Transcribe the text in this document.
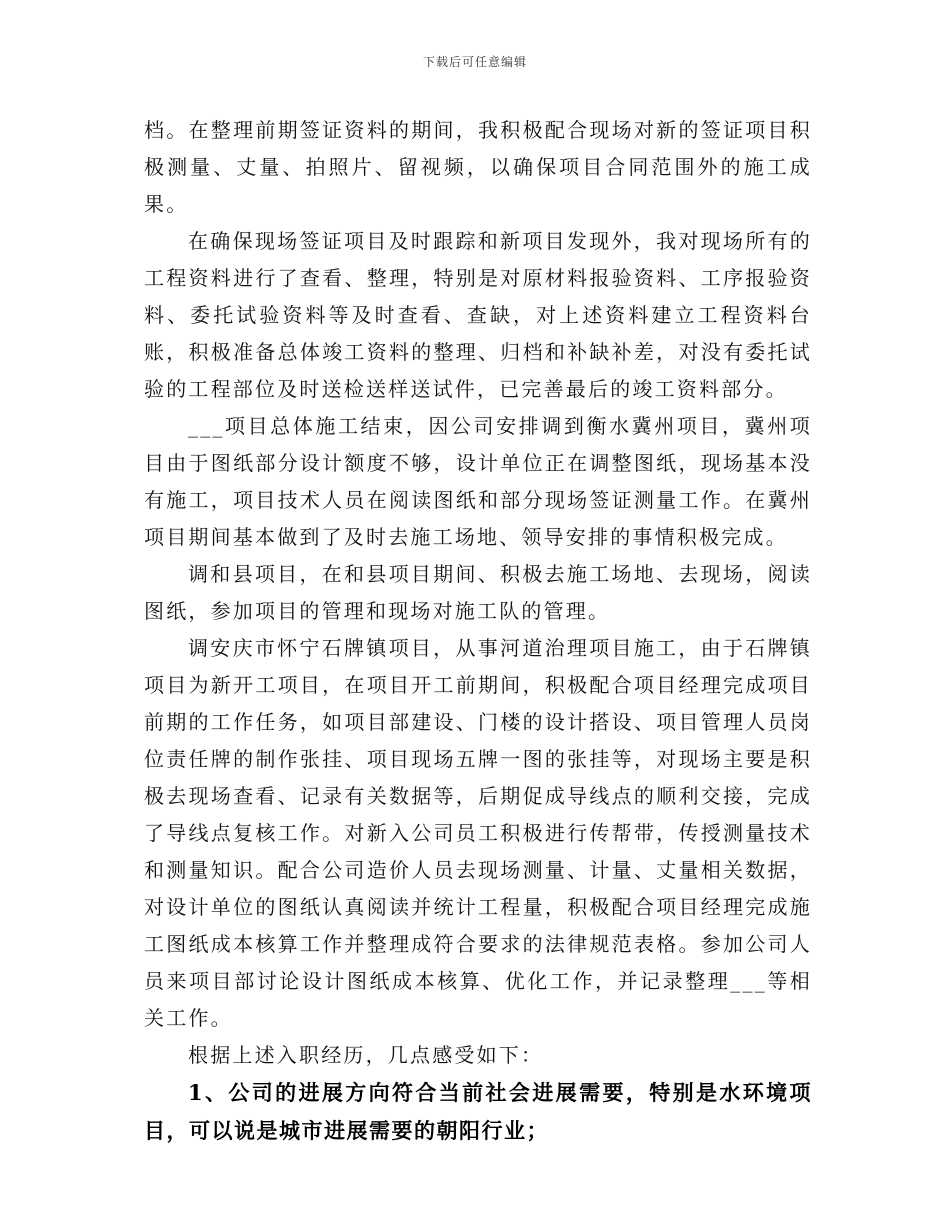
下载后可任意编辑

档。在整理前期签证资料的期间，我积极配合现场对新的签证项目积极测量、丈量、拍照片、留视频，以确保项目合同范围外的施工成果。

在确保现场签证项目及时跟踪和新项目发现外，我对现场所有的工程资料进行了查看、整理，特别是对原材料报验资料、工序报验资料、委托试验资料等及时查看、查缺，对上述资料建立工程资料台账，积极准备总体竣工资料的整理、归档和补缺补差，对没有委托试验的工程部位及时送检送样送试件，已完善最后的竣工资料部分。

___项目总体施工结束，因公司安排调到衡水冀州项目，冀州项目由于图纸部分设计额度不够，设计单位正在调整图纸，现场基本没有施工，项目技术人员在阅读图纸和部分现场签证测量工作。在冀州项目期间基本做到了及时去施工场地、领导安排的事情积极完成。

调和县项目，在和县项目期间、积极去施工场地、去现场，阅读图纸，参加项目的管理和现场对施工队的管理。

调安庆市怀宁石牌镇项目，从事河道治理项目施工，由于石牌镇项目为新开工项目，在项目开工前期间，积极配合项目经理完成项目前期的工作任务，如项目部建设、门楼的设计搭设、项目管理人员岗位责任牌的制作张挂、项目现场五牌一图的张挂等，对现场主要是积极去现场查看、记录有关数据等，后期促成导线点的顺利交接，完成了导线点复核工作。对新入公司员工积极进行传帮带，传授测量技术和测量知识。配合公司造价人员去现场测量、计量、丈量相关数据，对设计单位的图纸认真阅读并统计工程量，积极配合项目经理完成施工图纸成本核算工作并整理成符合要求的法律规范表格。参加公司人员来项目部讨论设计图纸成本核算、优化工作，并记录整理___等相关工作。

根据上述入职经历，几点感受如下：

1、公司的进展方向符合当前社会进展需要，特别是水环境项目，可以说是城市进展需要的朝阳行业；
